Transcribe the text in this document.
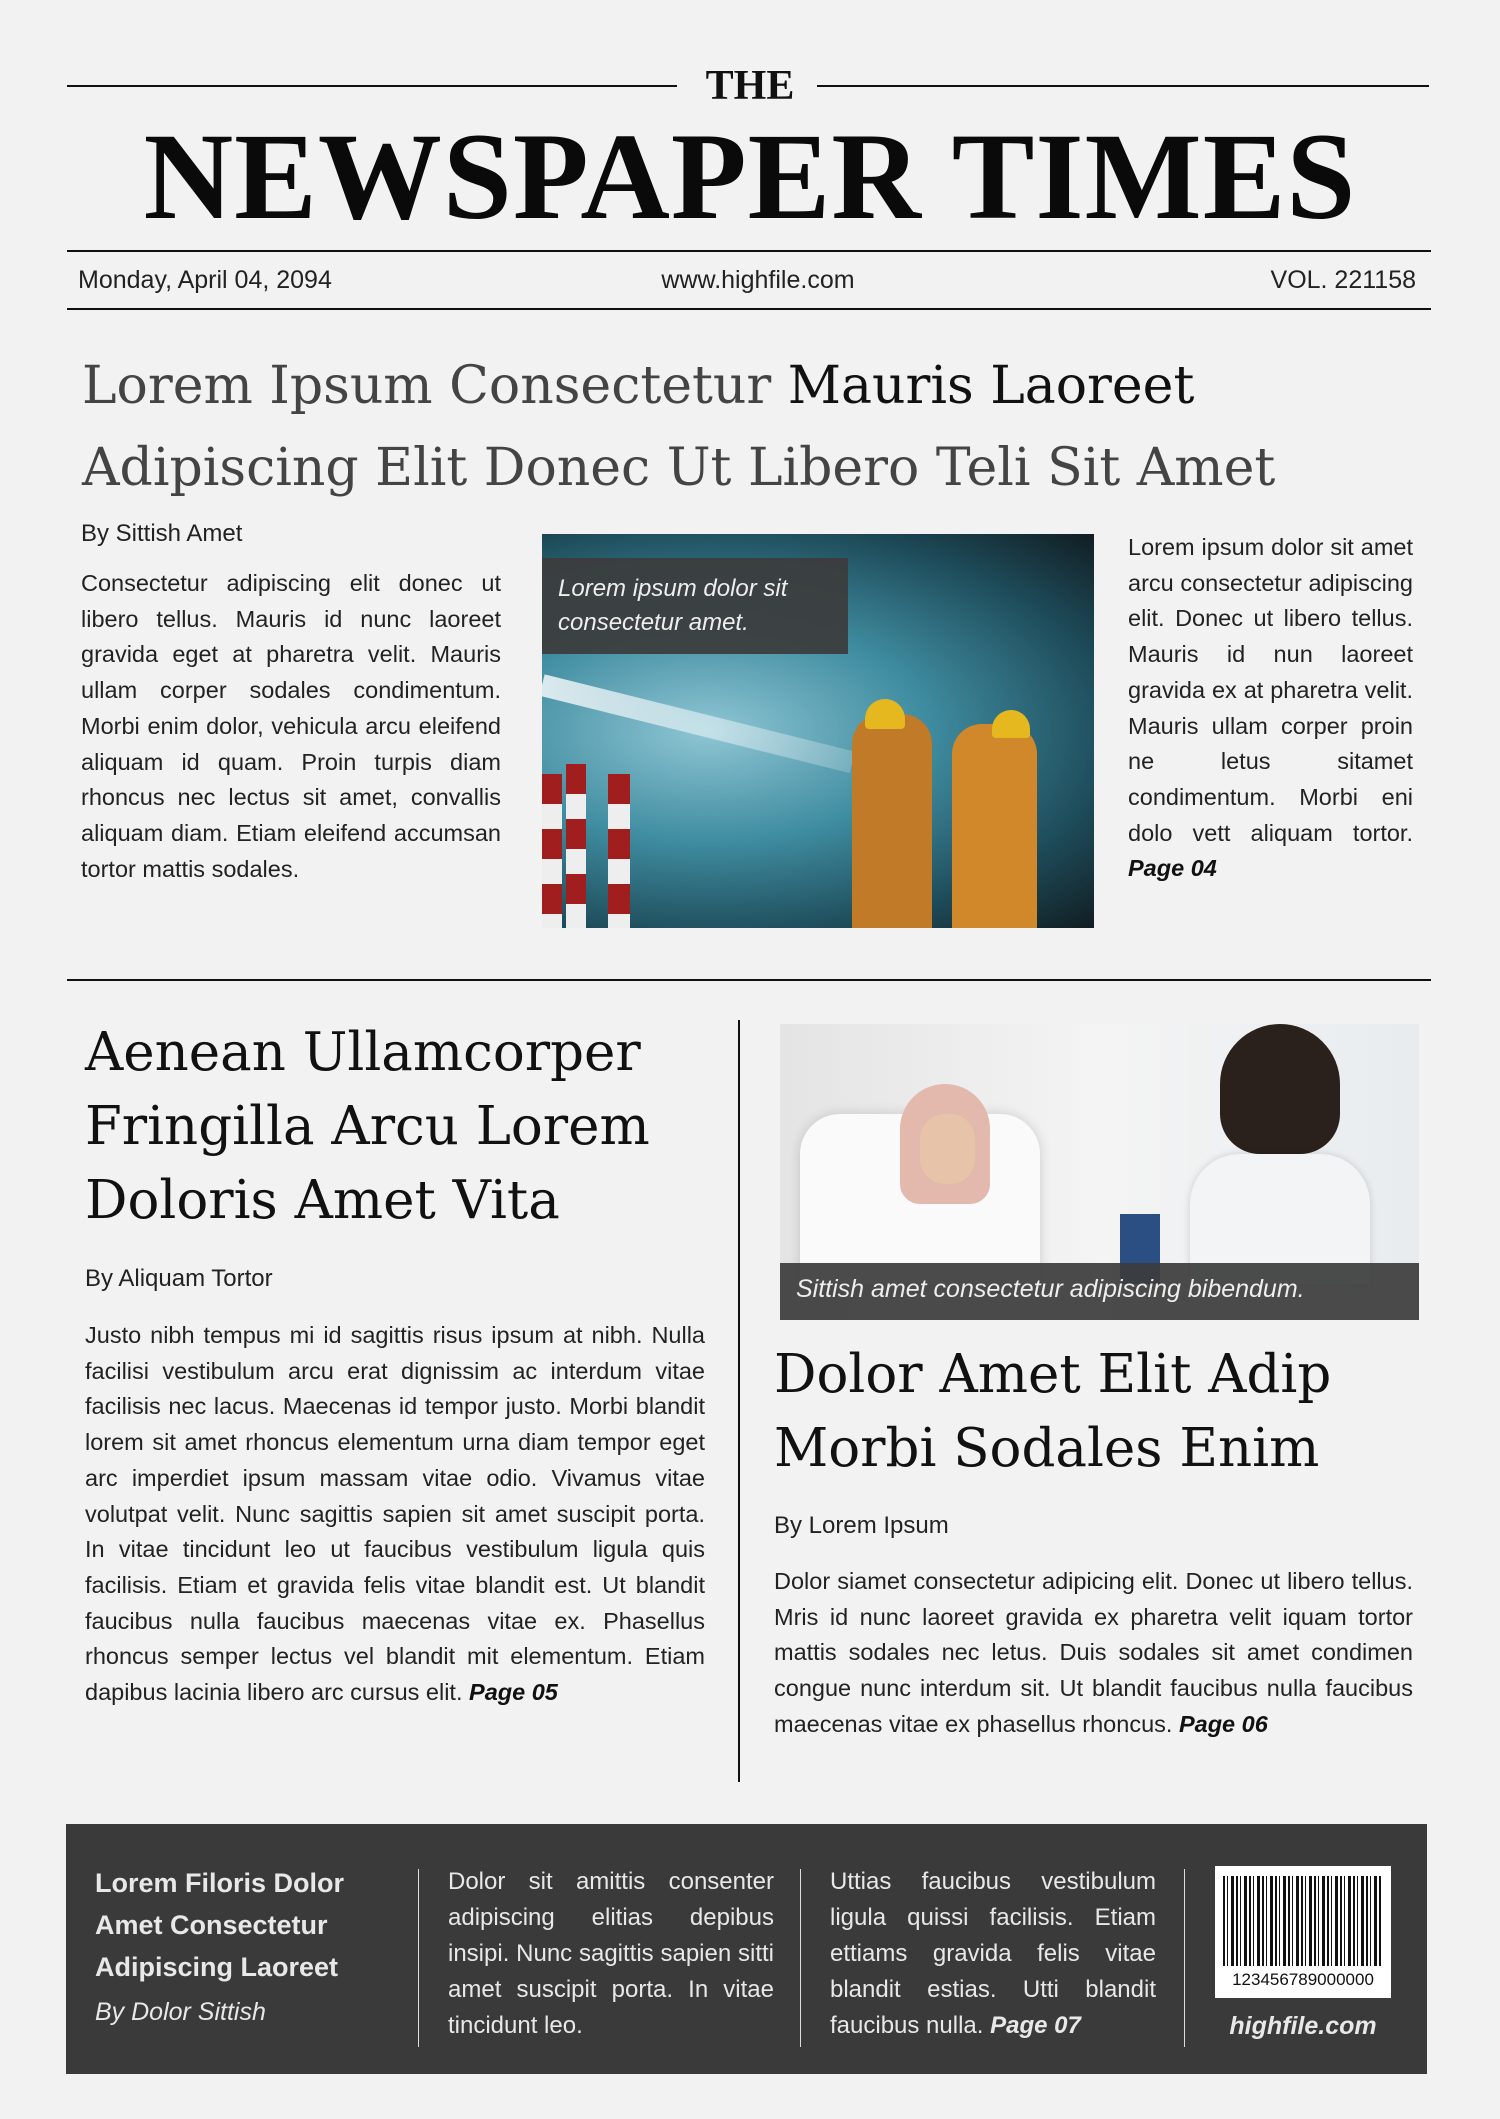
THE
NEWSPAPER TIMES
Monday, April 04, 2094	www.highfile.com	VOL. 221158
Lorem Ipsum Consectetur Mauris Laoreet
Adipiscing Elit Donec Ut Libero Teli Sit Amet
By Sittish Amet
Consectetur adipiscing elit donec ut libero tellus. Mauris id nunc laoreet gravida eget at pharetra velit. Mauris ullam corper sodales condimentum. Morbi enim dolor, vehicula arcu eleifend aliquam id quam. Proin turpis diam rhoncus nec lectus sit amet, convallis aliquam diam. Etiam eleifend accumsan tortor mattis sodales.
Lorem ipsum dolor sit consectetur amet.
Lorem ipsum dolor sit amet arcu consectetur adipiscing elit. Donec ut libero tellus. Mauris id nun laoreet gravida ex at pharetra velit. Mauris ullam corper proin ne letus sitamet condimentum. Morbi eni dolo vett aliquam tortor. Page 04
Aenean Ullamcorper
Fringilla Arcu Lorem
Doloris Amet Vita
By Aliquam Tortor
Justo nibh tempus mi id sagittis risus ipsum at nibh. Nulla facilisi vestibulum arcu erat dignissim ac interdum vitae facilisis nec lacus. Maecenas id tempor justo. Morbi blandit lorem sit amet rhoncus elementum urna diam tempor eget arc imperdiet ipsum massam vitae odio. Vivamus vitae volutpat velit. Nunc sagittis sapien sit amet suscipit porta. In vitae tincidunt leo ut faucibus vestibulum ligula quis facilisis. Etiam et gravida felis vitae blandit est. Ut blandit faucibus nulla faucibus maecenas vitae ex. Phasellus rhoncus semper lectus vel blandit mit elementum. Etiam dapibus lacinia libero arc cursus elit. Page 05
Sittish amet consectetur adipiscing bibendum.
Dolor Amet Elit Adip
Morbi Sodales Enim
By Lorem Ipsum
Dolor siamet consectetur adipicing elit. Donec ut libero tellus. Mris id nunc laoreet gravida ex pharetra velit iquam tortor mattis sodales nec letus. Duis sodales sit amet condimen congue nunc interdum sit. Ut blandit faucibus nulla faucibus maecenas vitae ex phasellus rhoncus. Page 06
Lorem Filoris Dolor Amet Consectetur Adipiscing Laoreet
By Dolor Sittish
Dolor sit amittis consenter adipiscing elitias depibus insipi. Nunc sagittis sapien sitti amet suscipit porta. In vitae tincidunt leo.
Uttias faucibus vestibulum ligula quissi facilisis. Etiam ettiams gravida felis vitae blandit estias. Utti blandit faucibus nulla. Page 07
123456789000000
highfile.com
